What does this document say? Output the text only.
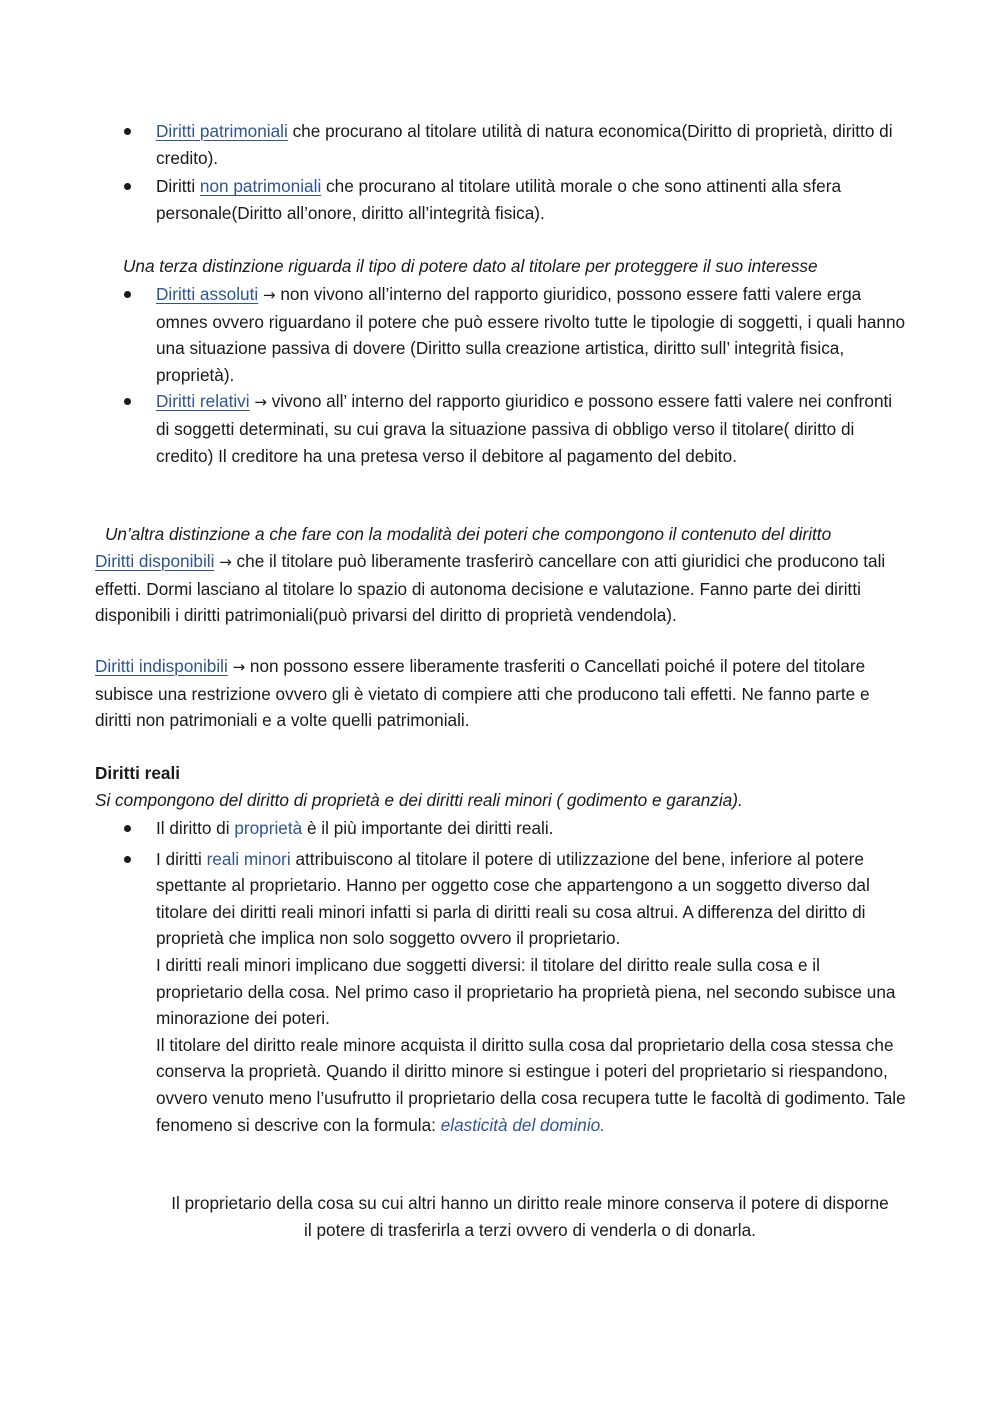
Diritti patrimoniali che procurano al titolare utilità di natura economica(Diritto di proprietà, diritto di credito).
Diritti non patrimoniali che procurano al titolare utilità morale o che sono attinenti alla sfera personale(Diritto all’onore, diritto all’integrità fisica).

Una terza distinzione riguarda il tipo di potere dato al titolare per proteggere il suo interesse

Diritti assoluti → non vivono all’interno del rapporto giuridico, possono essere fatti valere erga omnes ovvero riguardano il potere che può essere rivolto tutte le tipologie di soggetti, i quali hanno una situazione passiva di dovere (Diritto sulla creazione artistica, diritto sull’ integrità fisica, proprietà).
Diritti relativi → vivono all’ interno del rapporto giuridico e possono essere fatti valere nei confronti di soggetti determinati, su cui grava la situazione passiva di obbligo verso il titolare( diritto di credito) Il creditore ha una pretesa verso il debitore al pagamento del debito.

Un’altra distinzione a che fare con la modalità dei poteri che compongono il contenuto del diritto

Diritti disponibili → che il titolare può liberamente trasferirò cancellare con atti giuridici che producono tali effetti. Dormi lasciano al titolare lo spazio di autonoma decisione e valutazione. Fanno parte dei diritti disponibili i diritti patrimoniali(può privarsi del diritto di proprietà vendendola).

Diritti indisponibili → non possono essere liberamente trasferiti o Cancellati poiché il potere del titolare subisce una restrizione ovvero gli è vietato di compiere atti che producono tali effetti. Ne fanno parte e diritti non patrimoniali e a volte quelli patrimoniali.

Diritti reali

Si compongono del diritto di proprietà e dei diritti reali minori ( godimento e garanzia).

Il diritto di proprietà è il più importante dei diritti reali.
I diritti reali minori attribuiscono al titolare il potere di utilizzazione del bene, inferiore al potere spettante al proprietario. Hanno per oggetto cose che appartengono a un soggetto diverso dal titolare dei diritti reali minori infatti si parla di diritti reali su cosa altrui. A differenza del diritto di proprietà che implica non solo soggetto ovvero il proprietario.

I diritti reali minori implicano due soggetti diversi: il titolare del diritto reale sulla cosa e il proprietario della cosa. Nel primo caso il proprietario ha proprietà piena, nel secondo subisce una minorazione dei poteri.

Il titolare del diritto reale minore acquista il diritto sulla cosa dal proprietario della cosa stessa che conserva la proprietà. Quando il diritto minore si estingue i poteri del proprietario si riespandono, ovvero venuto meno l’usufrutto il proprietario della cosa recupera tutte le facoltà di godimento. Tale fenomeno si descrive con la formula: elasticità del dominio.

Il proprietario della cosa su cui altri hanno un diritto reale minore conserva il potere di disporne il potere di trasferirla a terzi ovvero di venderla o di donarla.
